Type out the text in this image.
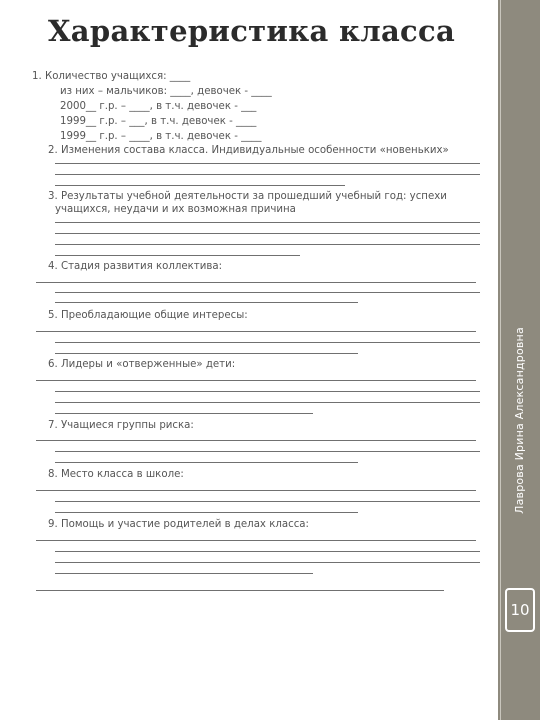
Лаврова Ирина Александровна
10
Характеристика класса
1. Количество учащихся: ____
из них – мальчиков: ____, девочек - ____
2000__ г.р. – ____, в т.ч. девочек - ___
1999__ г.р. – ___, в т.ч. девочек - ____
1999__ г.р. – ____, в т.ч. девочек - ____
2. Изменения состава класса. Индивидуальные особенности «новеньких»
3. Результаты учебной деятельности за прошедший учебный год: успехи
учащихся, неудачи и их возможная причина
4. Стадия развития коллектива:
5. Преобладающие общие интересы:
6. Лидеры и «отверженные» дети:
7. Учащиеся группы риска:
8. Место класса в школе:
9. Помощь и участие родителей в делах класса:
